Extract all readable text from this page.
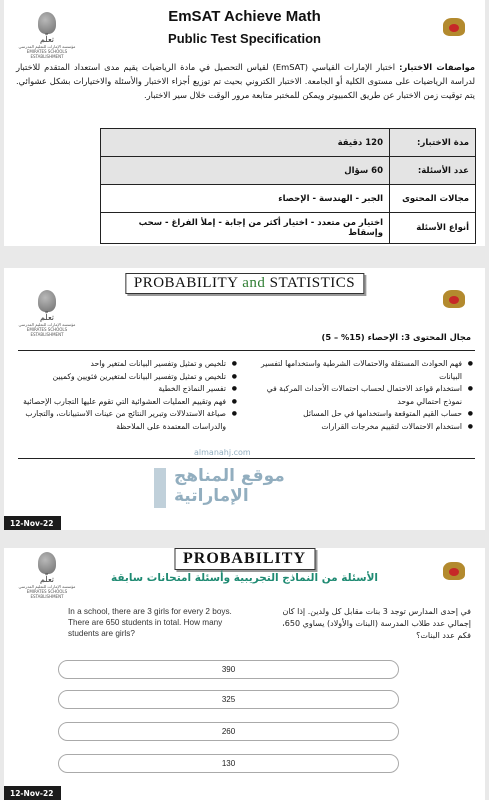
تعلّم
مؤسسة الإمارات للتعليم المدرسي EMIRATES SCHOOLS ESTABLISHMENT
EmSAT Achieve Math
Public Test Specification

مواصفات الاختبار: اختبار الإمارات القياسي (EmSAT) لقياس التحصيل في مادة الرياضيات يقيم مدى استعداد المتقدم للاختبار لدراسة الرياضيات على مستوى الكلية أو الجامعة. الاختبار الكتروني بحيث تم توزيع أجزاء الاختبار والأسئلة والاختيارات بشكل عشوائي. يتم توقيت زمن الاختبار عن طريق الكمبيوتر ويمكن للمختبر متابعة مرور الوقت خلال سير الاختبار.

مدة الاختبار:	120 دقيقة
عدد الأسئلة:	60 سؤال
مجالات المحتوى	الجبر - الهندسة - الإحصاء
أنواع الأسئلة	اختيار من متعدد - اختيار أكثر من إجابة - إملأ الفراغ - سحب وإسقاط
PROBABILITY and STATISTICS
تعلّم
مؤسسة الإمارات للتعليم المدرسي EMIRATES SCHOOLS ESTABLISHMENT	مجال المحتوى 3: الإحصاء (15% – 5)
● فهم الحوادث المستقلة والاحتمالات الشرطية واستخدامها لتفسير البيانات
● استخدام قواعد الاحتمال لحساب احتمالات الأحداث المركبة في نموذج احتمالي موحد
● حساب القيم المتوقعة واستخدامها في حل المسائل
● استخدام الاحتمالات لتقييم مخرجات القرارات
● تلخيص و تمثيل وتفسير البيانات لمتغير واحد
● تلخيص و تمثيل وتفسير البيانات لمتغيرين فئويين وكميين
● تفسير النماذج الخطية
● فهم وتقييم العمليات العشوائية التي تقوم عليها التجارب الإحصائية
● صياغة الاستدلالات وتبرير النتائج من عينات الاستبيانات، والتجارب والدراسات المعتمدة على الملاحظة
almanahj.com
موقع المناهج الإماراتية
12-Nov-22
PROBABILITY
الأسئلة من النماذج التجريبية وأسئلة امتحانات سابقة
تعلّم
مؤسسة الإمارات للتعليم المدرسي EMIRATES SCHOOLS ESTABLISHMENT
In a school, there are 3 girls for every 2 boys. There are 650 students in total. How many students are girls?
في إحدى المدارس توجد 3 بنات مقابل كل ولدين. إذا كان إجمالي عدد طلاب المدرسة (البنات والأولاد) يساوي 650، فكم عدد البنات؟
390
325
260
130
12-Nov-22
